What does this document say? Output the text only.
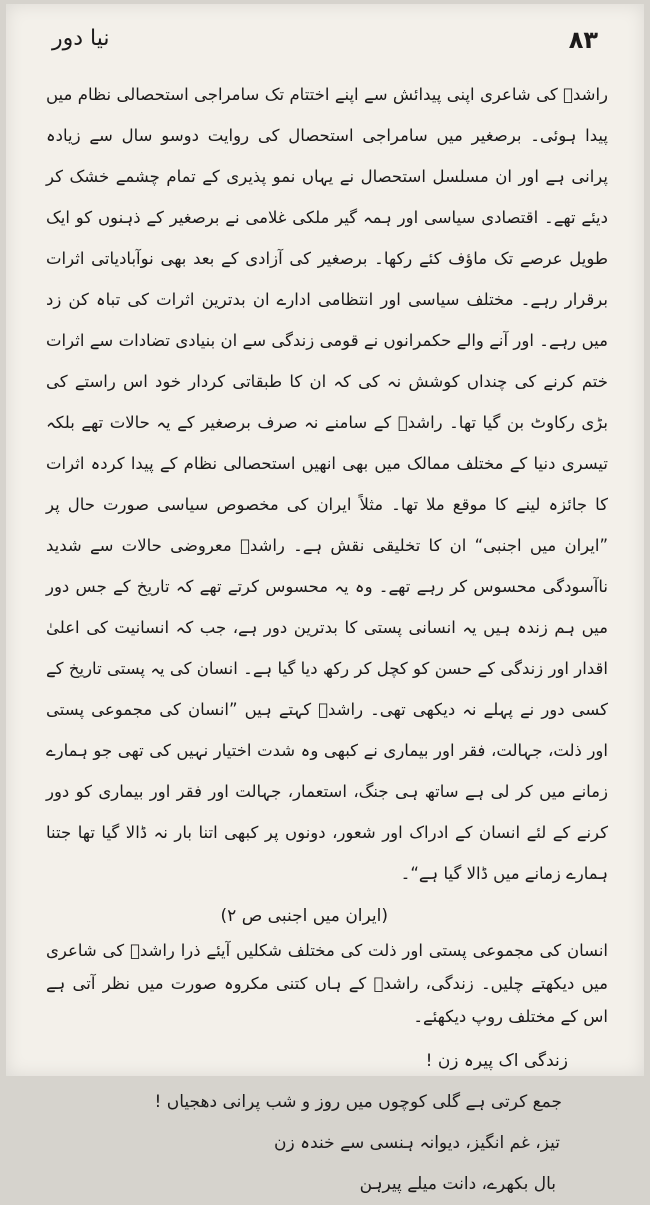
۸۳
نیا دور

راشدؔ کی شاعری اپنی پیدائش سے اپنے اختتام تک سامراجی استحصالی نظام میں پیدا ہوئی۔ برصغیر میں سامراجی استحصال کی روایت دوسو سال سے زیادہ پرانی ہے اور ان مسلسل استحصال نے یہاں نمو پذیری کے تمام چشمے خشک کر دیئے تھے۔ اقتصادی سیاسی اور ہمہ گیر ملکی غلامی نے برصغیر کے ذہنوں کو ایک طویل عرصے تک ماؤف کئے رکھا۔ برصغیر کی آزادی کے بعد بھی نوآبادیاتی اثرات برقرار رہے۔ مختلف سیاسی اور انتظامی ادارے ان بدترین اثرات کی تباہ کن زد میں رہے۔ اور آنے والے حکمرانوں نے قومی زندگی سے ان بنیادی تضادات سے اثرات ختم کرنے کی چنداں کوشش نہ کی کہ ان کا طبقاتی کردار خود اس راستے کی بڑی رکاوٹ بن گیا تھا۔ راشدؔ کے سامنے نہ صرف برصغیر کے یہ حالات تھے بلکہ تیسری دنیا کے مختلف ممالک میں بھی انھیں استحصالی نظام کے پیدا کردہ اثرات کا جائزہ لینے کا موقع ملا تھا۔ مثلاً ایران کی مخصوص سیاسی صورت حال پر ”ایران میں اجنبی“ ان کا تخلیقی نقش ہے۔ راشدؔ معروضی حالات سے شدید ناآسودگی محسوس کر رہے تھے۔ وہ یہ محسوس کرتے تھے کہ تاریخ کے جس دور میں ہم زندہ ہیں یہ انسانی پستی کا بدترین دور ہے، جب کہ انسانیت کی اعلیٰ اقدار اور زندگی کے حسن کو کچل کر رکھ دیا گیا ہے۔ انسان کی یہ پستی تاریخ کے کسی دور نے پہلے نہ دیکھی تھی۔ راشدؔ کہتے ہیں ”انسان کی مجموعی پستی اور ذلت، جہالت، فقر اور بیماری نے کبھی وہ شدت اختیار نہیں کی تھی جو ہمارے زمانے میں کر لی ہے ساتھ ہی جنگ، استعمار، جہالت اور فقر اور بیماری کو دور کرنے کے لئے انسان کے ادراک اور شعور، دونوں پر کبھی اتنا بار نہ ڈالا گیا تھا جتنا ہمارے زمانے میں ڈالا گیا ہے“۔

(ایران میں اجنبی ص ۲)

انسان کی مجموعی پستی اور ذلت کی مختلف شکلیں آیئے ذرا راشدؔ کی شاعری میں دیکھتے چلیں۔ زندگی، راشدؔ کے ہاں کتنی مکروہ صورت میں نظر آتی ہے اس کے مختلف روپ دیکھئے۔

زندگی اک پیرہ زن !
جمع کرتی ہے گلی کوچوں میں روز و شب پرانی دھجیاں !
تیز، غم انگیز، دیوانہ ہنسی سے خندہ زن
بال بکھرے، دانت میلے پیرہن
